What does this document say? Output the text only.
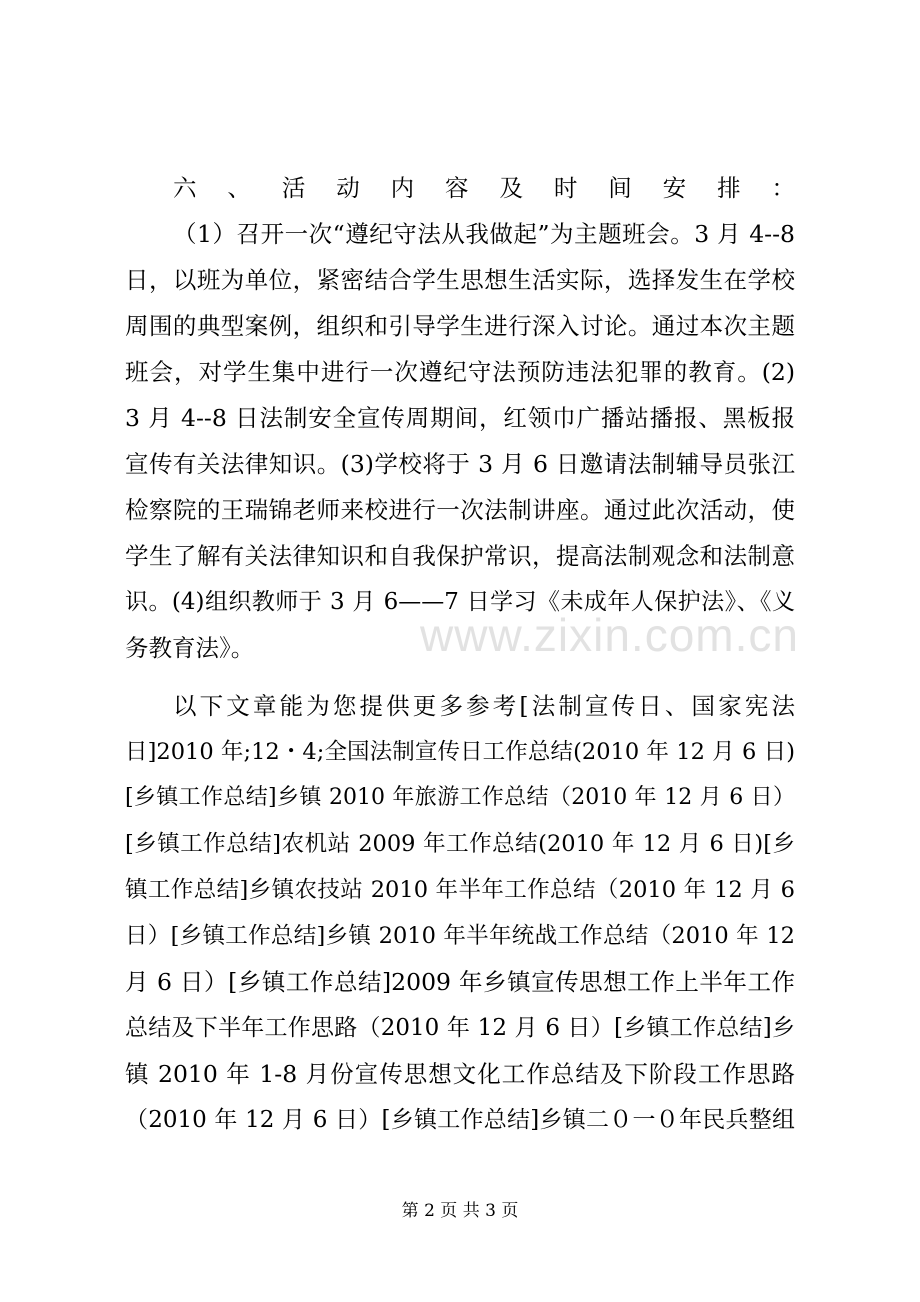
www.zixin.com.cn
六、活动内容及时间安排：
（1）召开一次“遵纪守法从我做起”为主题班会。3 月 4--8
日，以班为单位，紧密结合学生思想生活实际，选择发生在学校
周围的典型案例，组织和引导学生进行深入讨论。通过本次主题
班会，对学生集中进行一次遵纪守法预防违法犯罪的教育。(2)
3 月 4--8 日法制安全宣传周期间，红领巾广播站播报、黑板报
宣传有关法律知识。(3)学校将于 3 月 6 日邀请法制辅导员张江
检察院的王瑞锦老师来校进行一次法制讲座。通过此次活动，使
学生了解有关法律知识和自我保护常识，提高法制观念和法制意
识。(4)组织教师于 3 月 6——7 日学习《未成年人保护法》、《义
务教育法》。
以下文章能为您提供更多参考[法制宣传日、国家宪法
日]2010 年;12・4;全国法制宣传日工作总结(2010 年 12 月 6 日)
[乡镇工作总结]乡镇 2010 年旅游工作总结（2010 年 12 月 6 日）
[乡镇工作总结]农机站 2009 年工作总结(2010 年 12 月 6 日)[乡
镇工作总结]乡镇农技站 2010 年半年工作总结（2010 年 12 月 6
日）[乡镇工作总结]乡镇 2010 年半年统战工作总结（2010 年 12
月 6 日）[乡镇工作总结]2009 年乡镇宣传思想工作上半年工作
总结及下半年工作思路（2010 年 12 月 6 日）[乡镇工作总结]乡
镇 2010 年 1-8 月份宣传思想文化工作总结及下阶段工作思路
（2010 年 12 月 6 日）[乡镇工作总结]乡镇二０一０年民兵整组
第 2 页 共 3 页
